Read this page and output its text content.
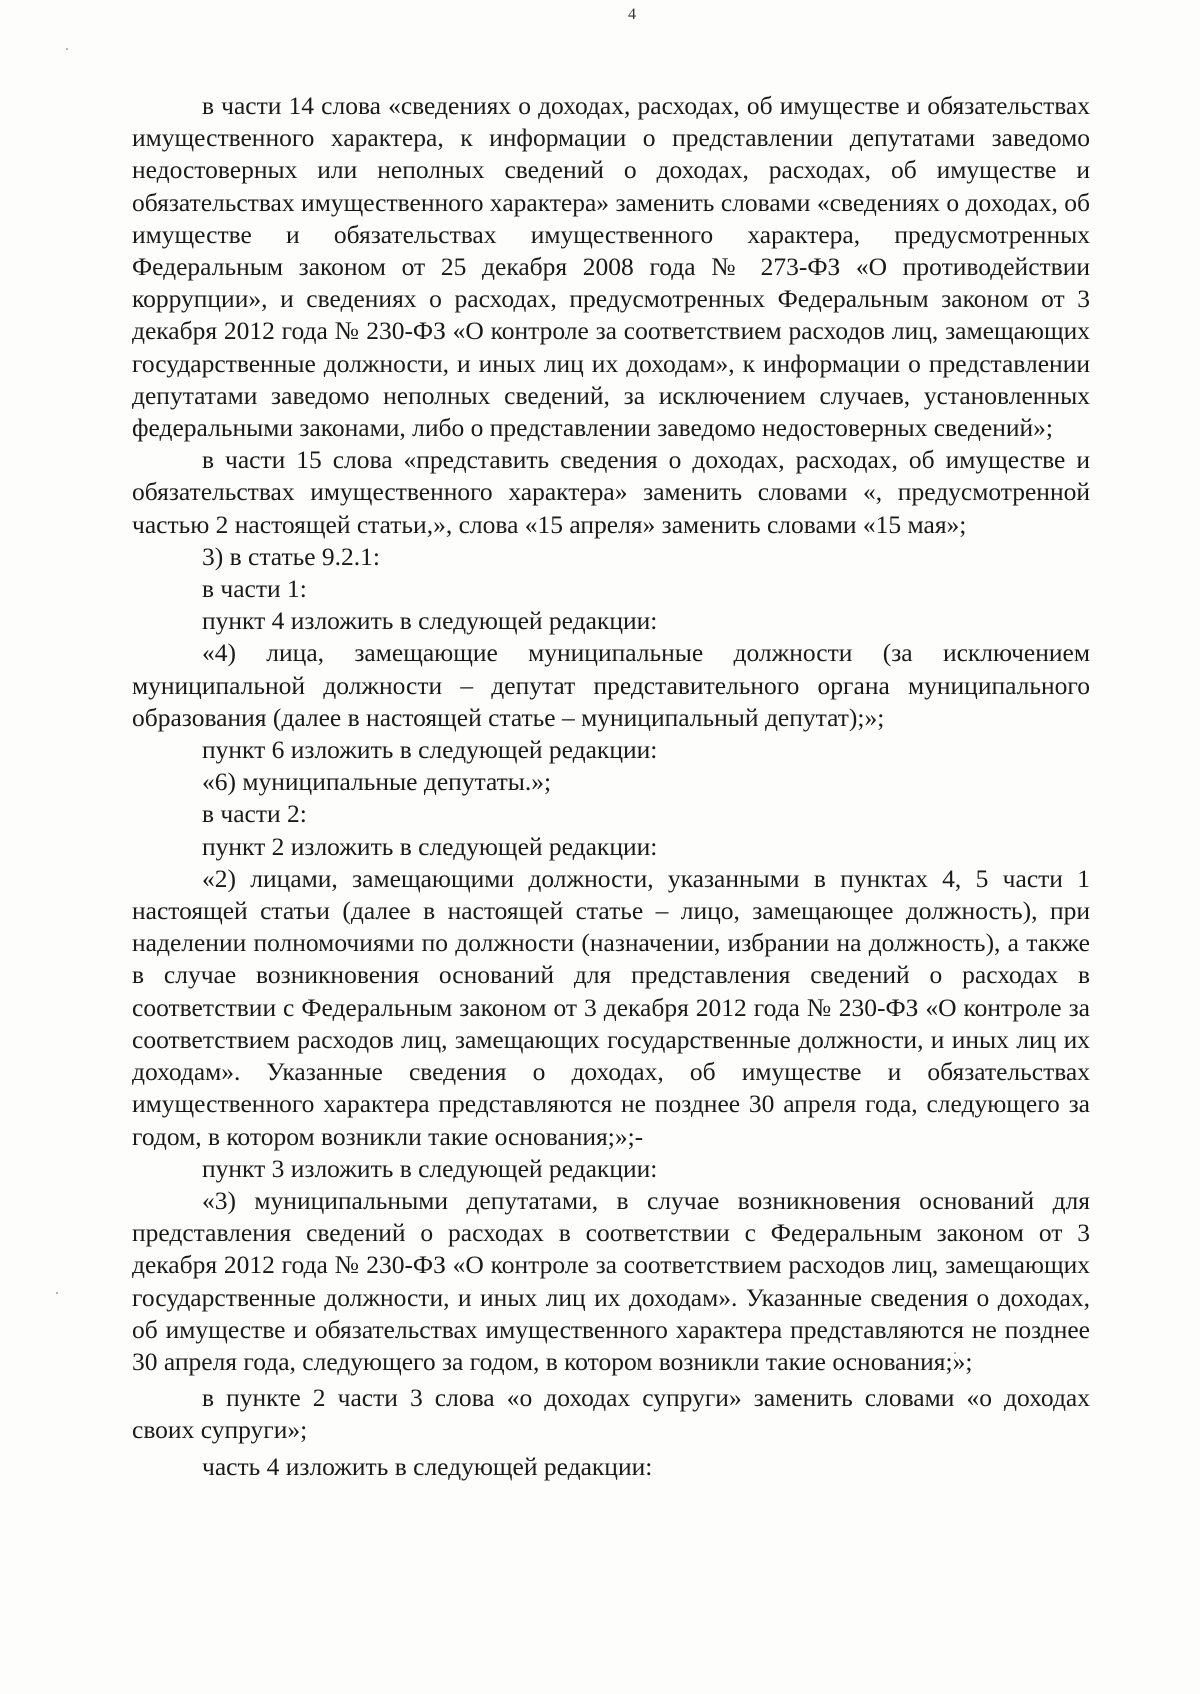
4

в части 14 слова «сведениях о доходах, расходах, об имуществе и обязательствах имущественного характера, к информации о представлении депутатами заведомо недостоверных или неполных сведений о доходах, расходах, об имуществе и обязательствах имущественного характера» заменить словами «сведениях о доходах, об имуществе и обязательствах имущественного характера, предусмотренных Федеральным законом от 25 декабря 2008 года № 273-ФЗ «О противодействии коррупции», и сведениях о расходах, предусмотренных Федеральным законом от 3 декабря 2012 года № 230-ФЗ «О контроле за соответствием расходов лиц, замещающих государственные должности, и иных лиц их доходам», к информации о представлении депутатами заведомо неполных сведений, за исключением случаев, установленных федеральными законами, либо о представлении заведомо недостоверных сведений»;

в части 15 слова «представить сведения о доходах, расходах, об имуществе и обязательствах имущественного характера» заменить словами «, предусмотренной частью 2 настоящей статьи,», слова «15 апреля» заменить словами «15 мая»;

3) в статье 9.2.1:

в части 1:

пункт 4 изложить в следующей редакции:

«4) лица, замещающие муниципальные должности (за исключением муниципальной должности – депутат представительного органа муниципального образования (далее в настоящей статье – муниципальный депутат);»;

пункт 6 изложить в следующей редакции:

«6) муниципальные депутаты.»;

в части 2:

пункт 2 изложить в следующей редакции:

«2) лицами, замещающими должности, указанными в пунктах 4, 5 части 1 настоящей статьи (далее в настоящей статье – лицо, замещающее должность), при наделении полномочиями по должности (назначении, избрании на должность), а также в случае возникновения оснований для представления сведений о расходах в соответствии с Федеральным законом от 3 декабря 2012 года № 230-ФЗ «О контроле за соответствием расходов лиц, замещающих государственные должности, и иных лиц их доходам». Указанные сведения о доходах, об имуществе и обязательствах имущественного характера представляются не позднее 30 апреля года, следующего за годом, в котором возникли такие основания;»;-

пункт 3 изложить в следующей редакции:

«3) муниципальными депутатами, в случае возникновения оснований для представления сведений о расходах в соответствии с Федеральным законом от 3 декабря 2012 года № 230-ФЗ «О контроле за соответствием расходов лиц, замещающих государственные должности, и иных лиц их доходам». Указанные сведения о доходах, об имуществе и обязательствах имущественного характера представляются не позднее 30 апреля года, следующего за годом, в котором возникли такие основания;»;

в пункте 2 части 3 слова «о доходах супруги» заменить словами «о доходах своих супруги»;

часть 4 изложить в следующей редакции:
